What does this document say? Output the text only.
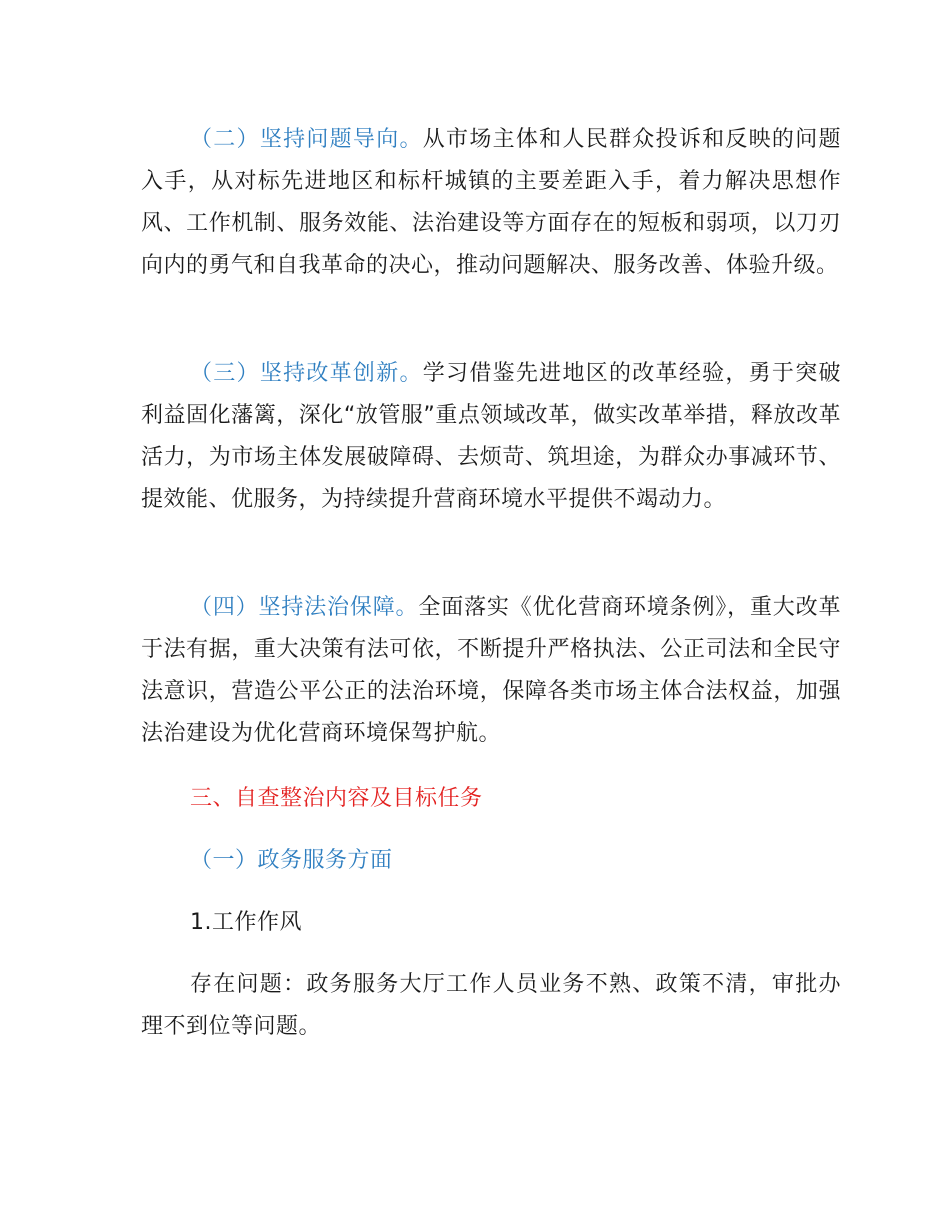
（二）坚持问题导向。从市场主体和人民群众投诉和反映的问题入手，从对标先进地区和标杆城镇的主要差距入手，着力解决思想作风、工作机制、服务效能、法治建设等方面存在的短板和弱项，以刀刃向内的勇气和自我革命的决心，推动问题解决、服务改善、体验升级。

（三）坚持改革创新。学习借鉴先进地区的改革经验，勇于突破利益固化藩篱，深化“放管服”重点领域改革，做实改革举措，释放改革活力，为市场主体发展破障碍、去烦苛、筑坦途，为群众办事减环节、提效能、优服务，为持续提升营商环境水平提供不竭动力。

（四）坚持法治保障。全面落实《优化营商环境条例》，重大改革于法有据，重大决策有法可依，不断提升严格执法、公正司法和全民守法意识，营造公平公正的法治环境，保障各类市场主体合法权益，加强法治建设为优化营商环境保驾护航。

三、自查整治内容及目标任务

（一）政务服务方面

1.工作作风

存在问题：政务服务大厅工作人员业务不熟、政策不清，审批办理不到位等问题。
